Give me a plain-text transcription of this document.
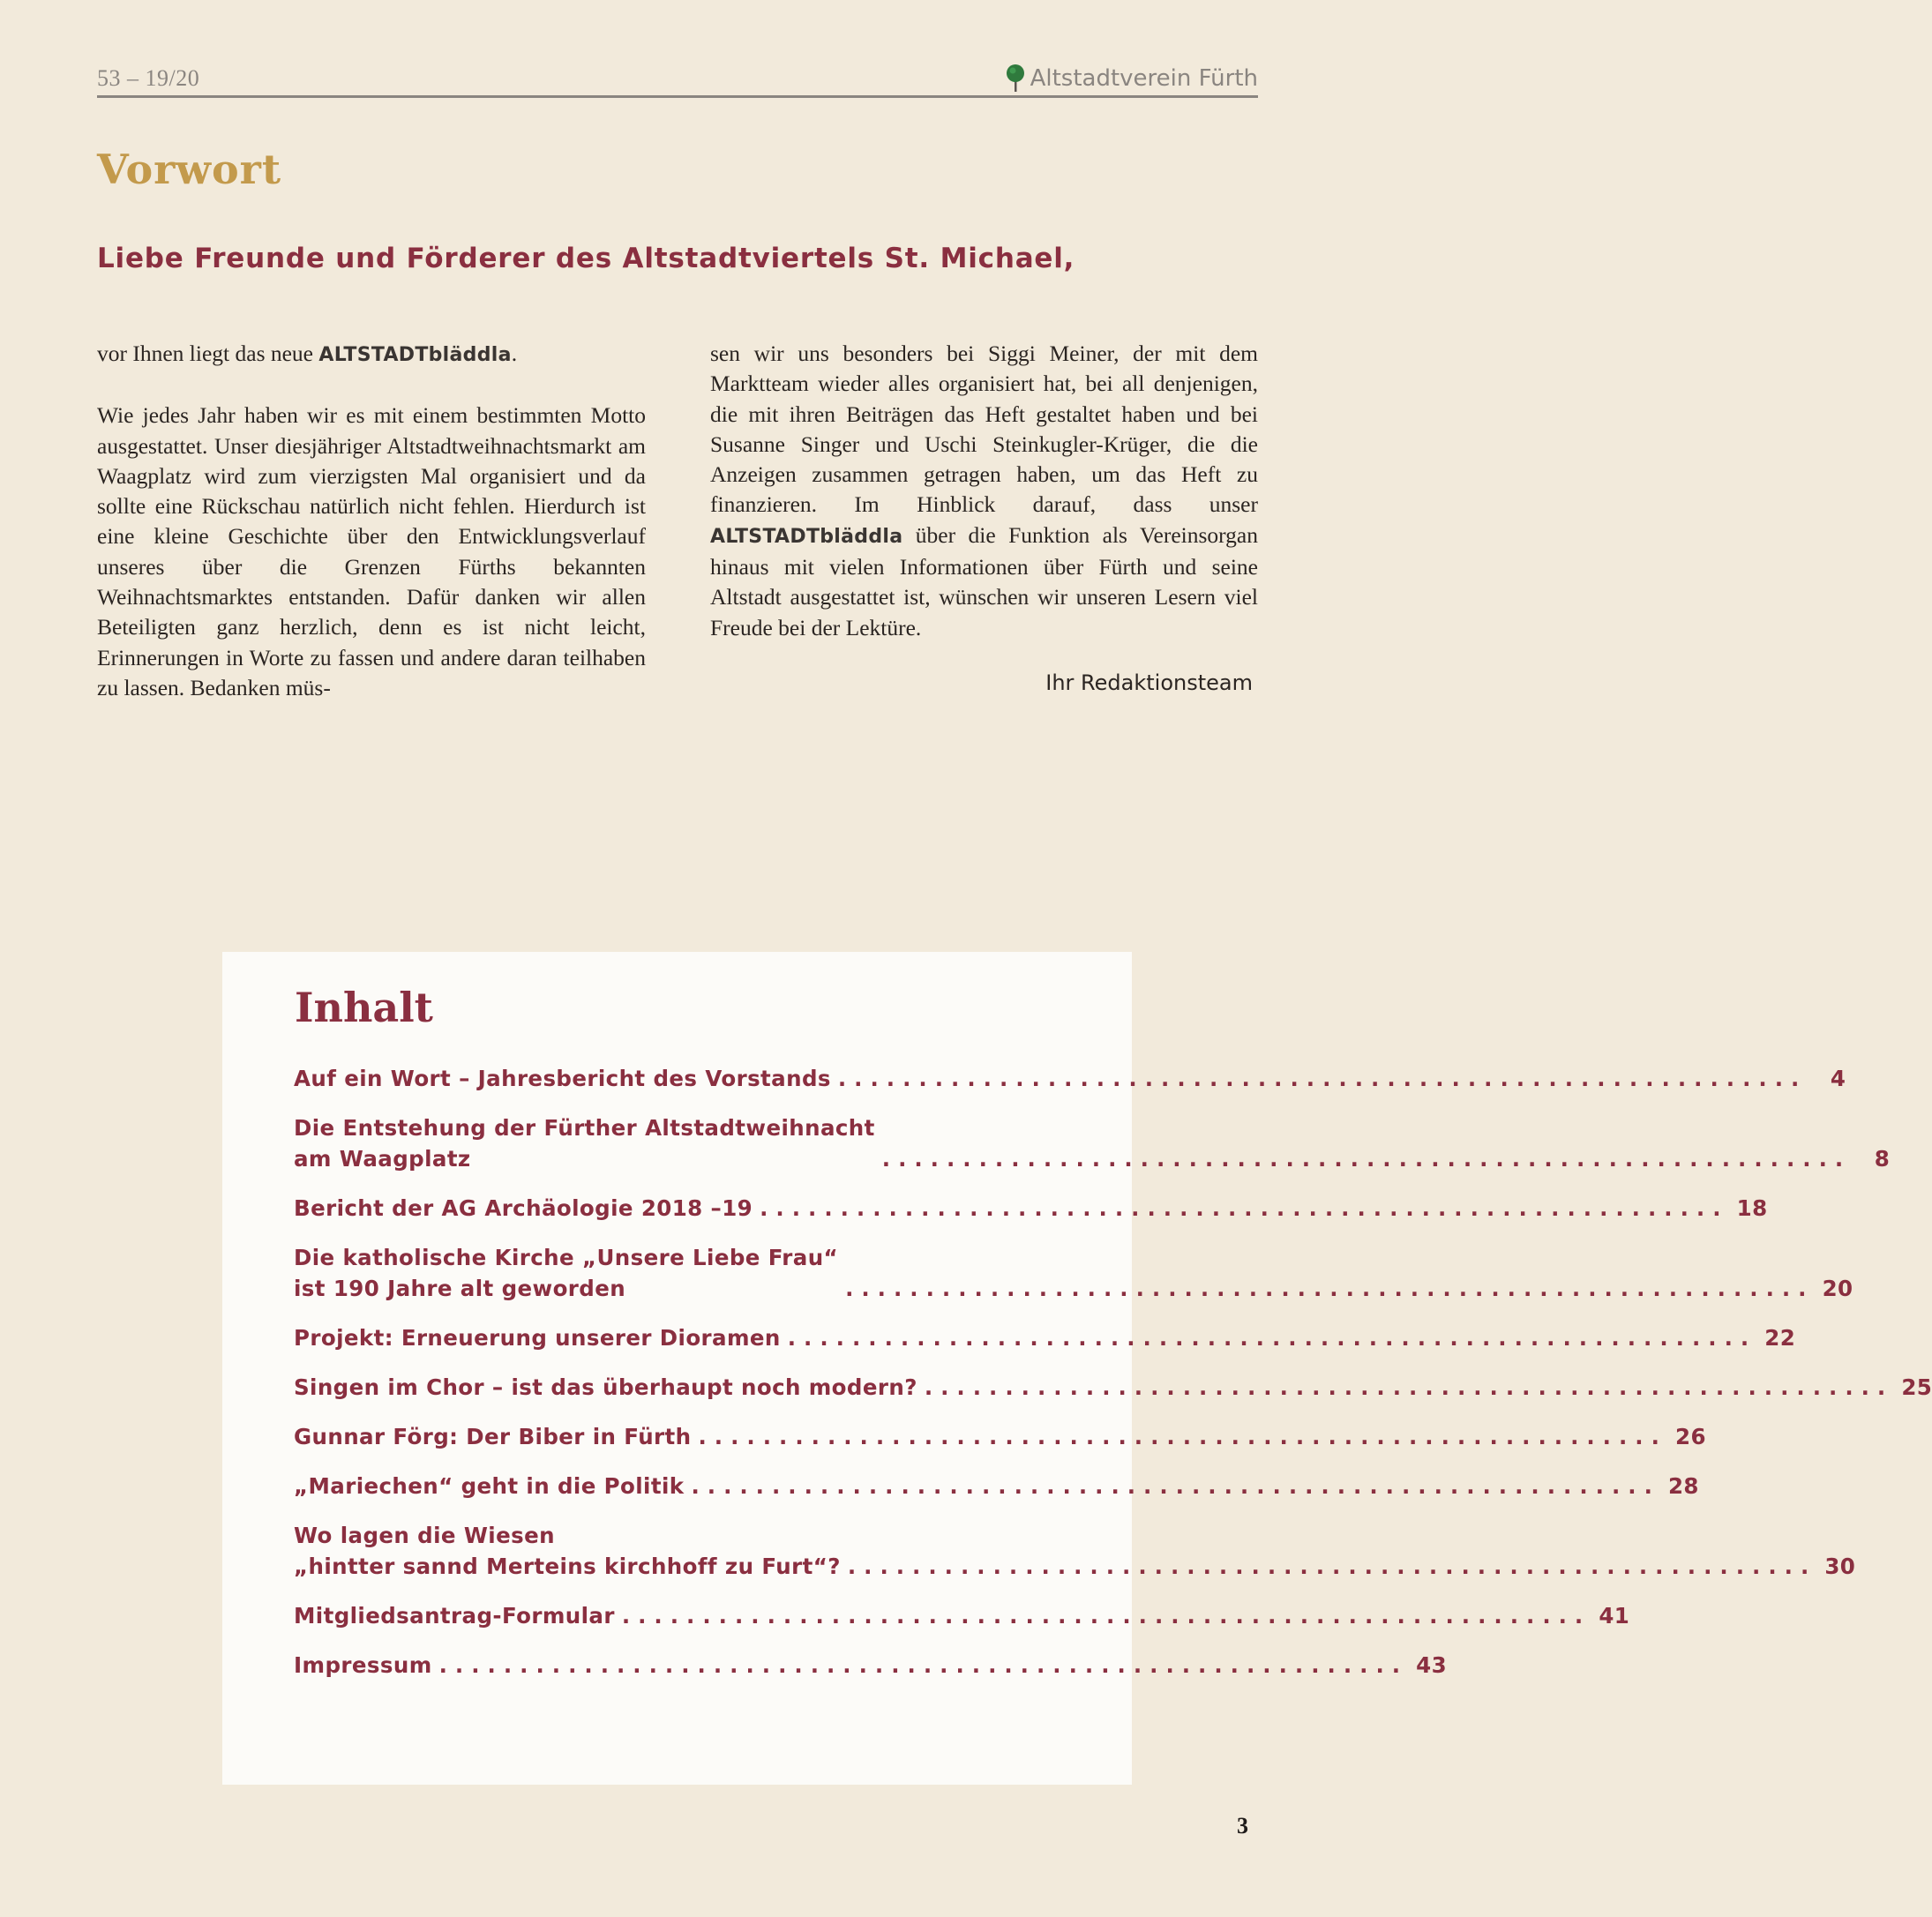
53 – 19/20	Altstadtverein Fürth
Vorwort
Liebe Freunde und Förderer des Altstadtviertels St. Michael,

vor Ihnen liegt das neue ALTSTADTbläddla.

Wie jedes Jahr haben wir es mit einem bestimmten Motto ausgestattet. Unser diesjähriger Altstadtweihnachtsmarkt am Waagplatz wird zum vierzigsten Mal organisiert und da sollte eine Rückschau natürlich nicht fehlen. Hierdurch ist eine kleine Geschichte über den Entwicklungsverlauf unseres über die Grenzen Fürths bekannten Weihnachtsmarktes entstanden. Dafür danken wir allen Beteiligten ganz herzlich, denn es ist nicht leicht, Erinnerungen in Worte zu fassen und andere daran teilhaben zu lassen. Bedanken müs-

sen wir uns besonders bei Siggi Meiner, der mit dem Marktteam wieder alles organisiert hat, bei all denjenigen, die mit ihren Beiträgen das Heft gestaltet haben und bei Susanne Singer und Uschi Steinkugler-Krüger, die die Anzeigen zusammen getragen haben, um das Heft zu finanzieren. Im Hinblick darauf, dass unser ALTSTADTbläddla über die Funktion als Vereinsorgan hinaus mit vielen Informationen über Fürth und seine Altstadt ausgestattet ist, wünschen wir unseren Lesern viel Freude bei der Lektüre.

Ihr Redaktionsteam
Inhalt
Auf ein Wort – Jahresbericht des Vorstands ............................................................	4
Die Entstehung der Fürther Altstadtweihnacht
am Waagplatz	............................................................	8
Bericht der AG Archäologie 2018 –19 ............................................................ 18
Die katholische Kirche „Unsere Liebe Frau“
ist 190 Jahre alt geworden	............................................................ 20
Projekt: Erneuerung unserer Dioramen ............................................................ 22
Singen im Chor – ist das überhaupt noch modern? ............................................................ 25
Gunnar Förg: Der Biber in Fürth ............................................................ 26
„Mariechen“ geht in die Politik ............................................................ 28
Wo lagen die Wiesen
„hintter sannd Merteins kirchhoff zu Furt“? ............................................................ 30
Mitgliedsantrag-Formular ............................................................ 41
Impressum ............................................................ 43
3
